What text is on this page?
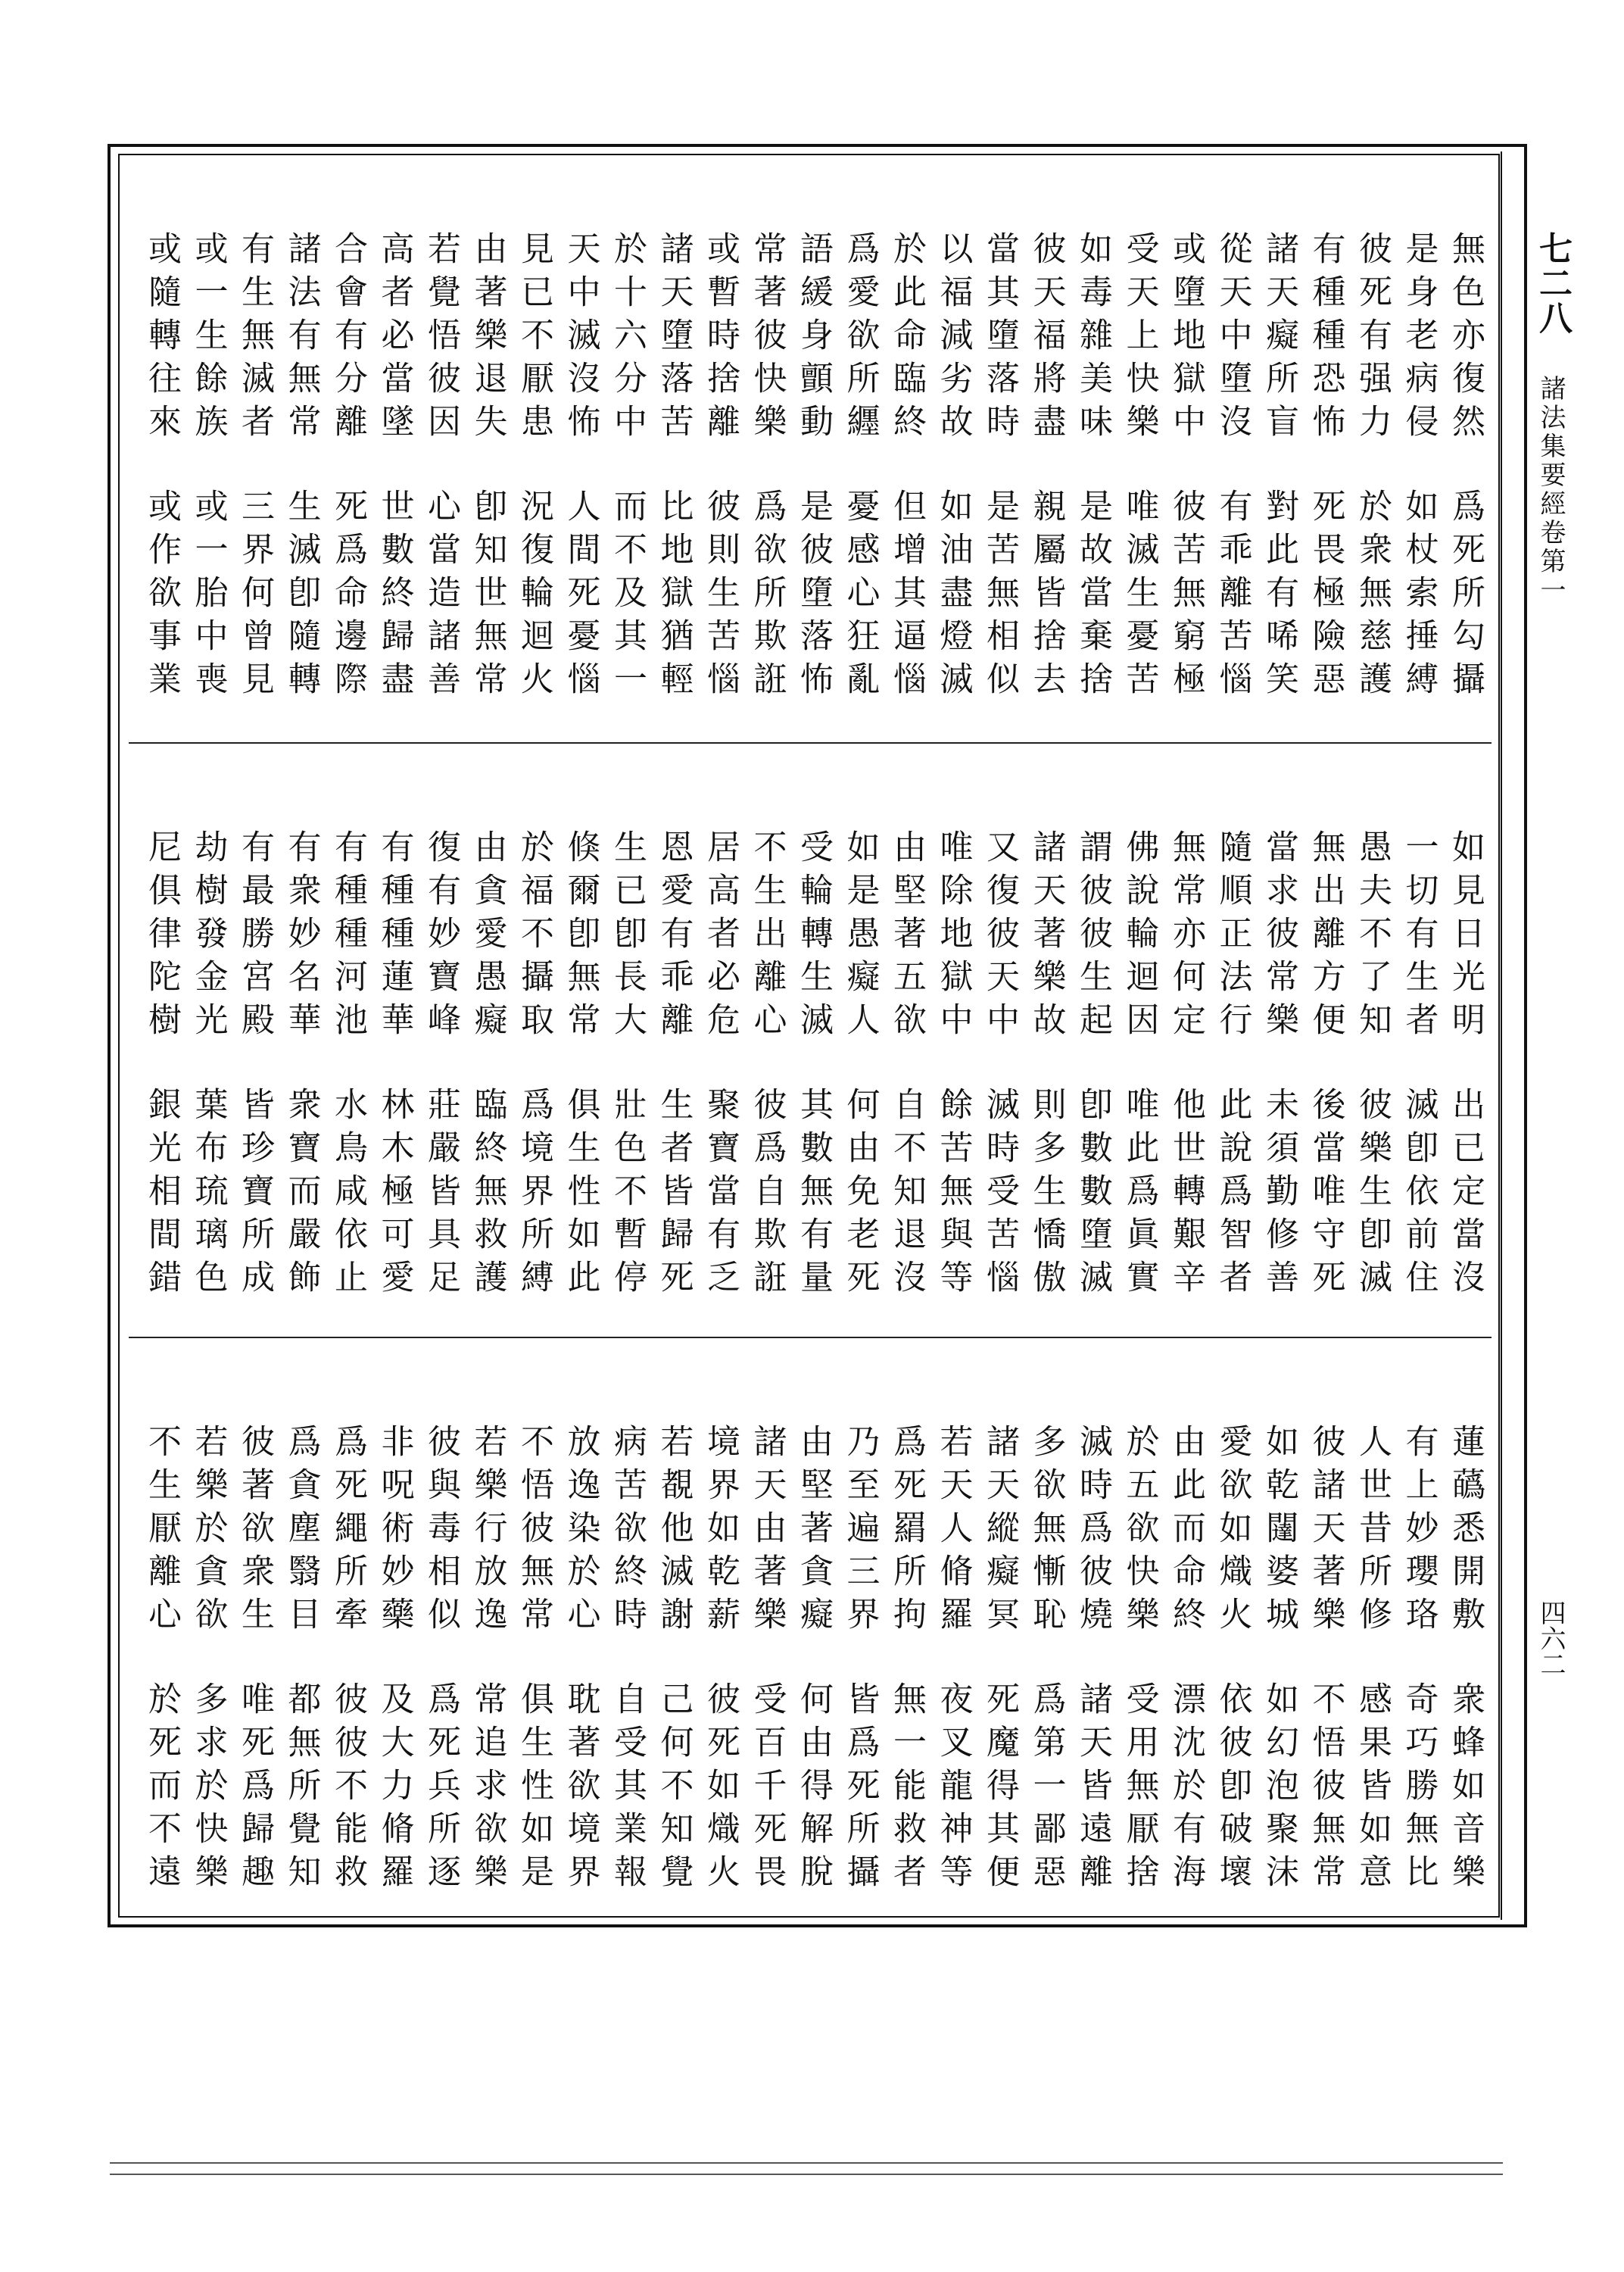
七二八
諸法集要經卷第一
四六二
無色亦復然
爲死所勾攝
是身老病侵
如杖索捶縛
彼死有强力
於衆無慈護
有種種恐怖
死畏極險惡
諸天癡所盲
對此有唏笑
從天中墮沒
有乖離苦惱
或墮地獄中
彼苦無窮極
受天上快樂
唯滅生憂苦
如毒雜美味
是故當棄捨
彼天福將盡
親屬皆捨去
當其墮落時
是苦無相似
以福減劣故
如油盡燈滅
於此命臨終
但增其逼惱
爲愛欲所纒
憂感心狂亂
語緩身顫動
是彼墮落怖
常著彼快樂
爲欲所欺誑
或暫時捨離
彼則生苦惱
諸天墮落苦
比地獄猶輕
於十六分中
而不及其一
天中滅沒怖
人間死憂惱
見已不厭患
況復輪迴火
由著樂退失
卽知世無常
若覺悟彼因
心當造諸善
高者必當墜
世數終歸盡
合會有分離
死爲命邊際
諸法有無常
生滅卽隨轉
有生無滅者
三界何曾見
或一生餘族
或一胎中喪
或隨轉往來
或作欲事業
如見日光明
出已定當沒
一切有生者
滅卽依前住
愚夫不了知
彼樂生卽滅
無出離方便
後當唯守死
當求彼常樂
未須勤修善
隨順正法行
此說爲智者
無常亦何定
他世轉艱辛
佛說輪迴因
唯此爲眞實
謂彼彼生起
卽數數墮滅
諸天著樂故
則多生憍傲
又復彼天中
滅時受苦惱
唯除地獄中
餘苦無與等
由堅著五欲
自不知退沒
如是愚癡人
何由免老死
受輪轉生滅
其數無有量
不生出離心
彼爲自欺誑
居高者必危
聚寶當有乏
恩愛有乖離
生者皆歸死
生已卽長大
壯色不暫停
倏爾卽無常
俱生性如此
於福不攝取
爲境界所縛
由貪愛愚癡
臨終無救護
復有妙寶峰
莊嚴皆具足
有種種蓮華
林木極可愛
有種種河池
水鳥咸依止
有衆妙名華
衆寶而嚴飾
有最勝宮殿
皆珍寶所成
劫樹發金光
葉布琉璃色
尼俱律陀樹
銀光相間錯
蓮蘤悉開敷
衆蜂如音樂
有上妙瓔珞
奇巧勝無比
人世昔所修
感果皆如意
彼諸天著樂
不悟彼無常
如乾闥婆城
如幻泡聚沫
愛欲如熾火
依彼卽破壞
由此而命終
漂沈於有海
於五欲快樂
受用無厭捨
滅時爲彼燒
諸天皆遠離
多欲無慚恥
爲第一鄙惡
諸天縱癡冥
死魔得其便
若天人脩羅
夜叉龍神等
爲死羂所拘
無一能救者
乃至遍三界
皆爲死所攝
由堅著貪癡
何由得解脫
諸天由著樂
受百千死畏
境界如乾薪
彼死如熾火
若覩他滅謝
己何不知覺
病苦欲終時
自受其業報
放逸染於心
耽著欲境界
不悟彼無常
俱生性如是
若樂行放逸
常追求欲樂
彼與毒相似
爲死兵所逐
非呪術妙藥
及大力脩羅
爲死繩所牽
彼彼不能救
爲貪塵翳目
都無所覺知
彼著欲衆生
唯死爲歸趣
若樂於貪欲
多求於快樂
不生厭離心
於死而不遠
